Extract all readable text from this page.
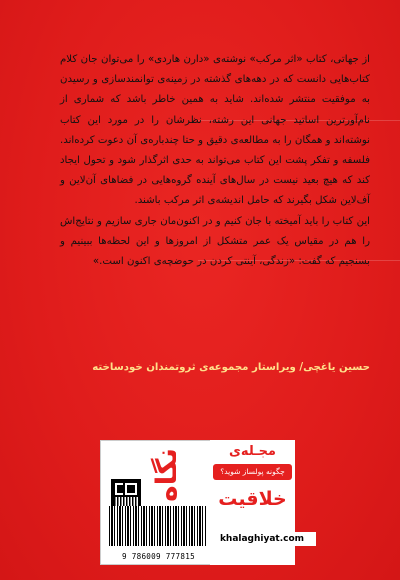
از جهاتی، کتاب «اثر مرکب» نوشته‌ی «دارن هاردی» را می‌توان جان کلام کتاب‌هایی دانست که در دهه‌های گذشته در زمینه‌ی توانمندسازی و رسیدن به موفقیت منتشر شده‌اند. شاید به همین خاطر باشد که شماری از نام‌آورترین اساتید جهانی این رشته، نظرشان را در مورد این کتاب نوشته‌اند و همگان را به مطالعه‌ی دقیق و حتا چندباره‌ی آن دعوت کرده‌اند. فلسفه و تفکر پشت این کتاب می‌تواند به حدی اثرگذار شود و تحول ایجاد کند که هیچ بعید نیست در سال‌های آینده گروه‌هایی در فضاهای آن‌لاین و آف‌لاین شکل بگیرند که حامل اندیشه‌ی اثر مرکب باشند.

این کتاب را باید آمیخته با جان کنیم و در اکنون‌مان جاری سازیم و نتایج‌اش را هم در مقیاس یک عمر متشکل از امروزها و این لحظه‌ها ببینیم و بسنجیم که گفت: «زندگی، آینتی کردن در حوضچه‌ی اکنون است.»

حسین یاغچی/ ویراستار مجموعه‌ی ثروتمندان خودساخته
9 786009 777815
نگاه	مجـله‌ی
چگونه پولساز شوید؟
خلاقیت
khalaghiyat.com
